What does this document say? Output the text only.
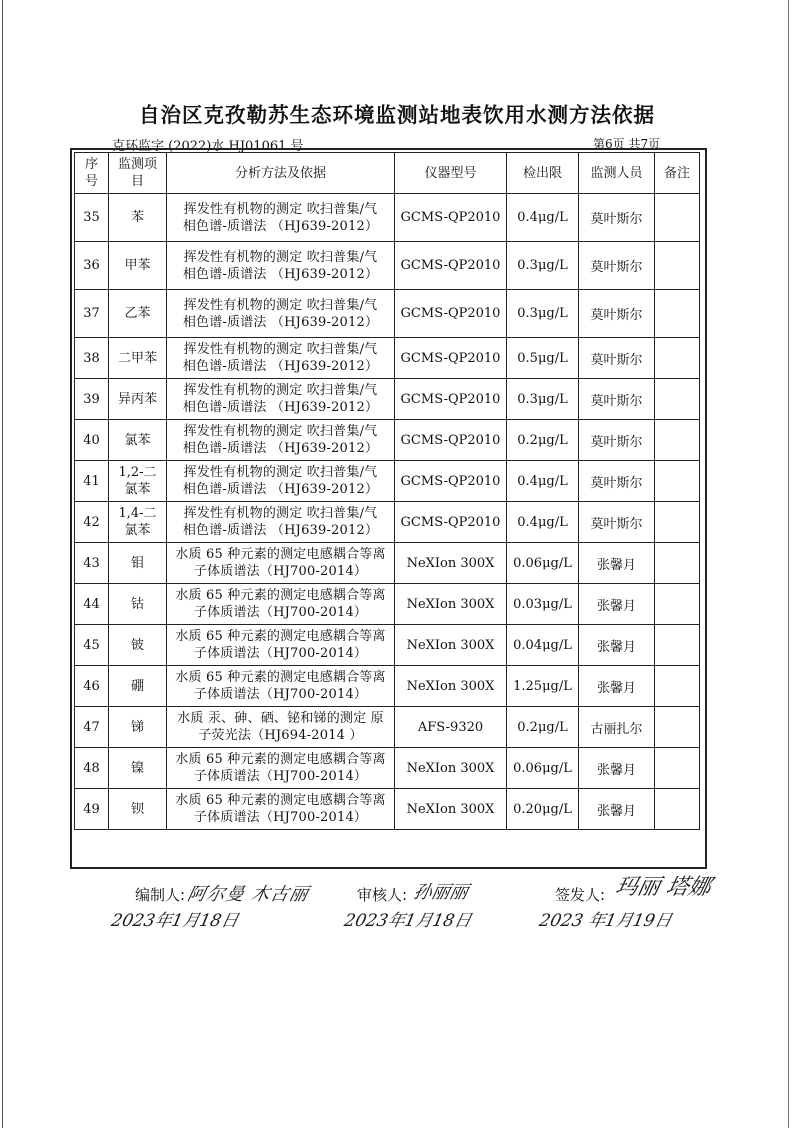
自治区克孜勒苏生态环境监测站地表饮用水测方法依据
克环监字 (2022)水 HJ01061 号	第6页 共7页
序
号	监测项
目	分析方法及依据	仪器型号	检出限	监测人员	备注
35	苯	挥发性有机物的测定 吹扫普集/气
相色谱-质谱法 （HJ639-2012）	GCMS-QP2010	0.4μg/L	莫叶斯尔	
36	甲苯	挥发性有机物的测定 吹扫普集/气
相色谱-质谱法 （HJ639-2012）	GCMS-QP2010	0.3μg/L	莫叶斯尔	
37	乙苯	挥发性有机物的测定 吹扫普集/气
相色谱-质谱法 （HJ639-2012）	GCMS-QP2010	0.3μg/L	莫叶斯尔	
38	二甲苯	挥发性有机物的测定 吹扫普集/气
相色谱-质谱法 （HJ639-2012）	GCMS-QP2010	0.5μg/L	莫叶斯尔	
39	异丙苯	挥发性有机物的测定 吹扫普集/气
相色谱-质谱法 （HJ639-2012）	GCMS-QP2010	0.3μg/L	莫叶斯尔	
40	氯苯	挥发性有机物的测定 吹扫普集/气
相色谱-质谱法 （HJ639-2012）	GCMS-QP2010	0.2μg/L	莫叶斯尔	
41	1,2-二
氯苯	挥发性有机物的测定 吹扫普集/气
相色谱-质谱法 （HJ639-2012）	GCMS-QP2010	0.4μg/L	莫叶斯尔	
42	1,4-二
氯苯	挥发性有机物的测定 吹扫普集/气
相色谱-质谱法 （HJ639-2012）	GCMS-QP2010	0.4μg/L	莫叶斯尔	
43	钼	水质 65 种元素的测定电感耦合等离
子体质谱法（HJ700-2014）	NeXIon 300X	0.06μg/L	张馨月	
44	钴	水质 65 种元素的测定电感耦合等离
子体质谱法（HJ700-2014）	NeXIon 300X	0.03μg/L	张馨月	
45	铍	水质 65 种元素的测定电感耦合等离
子体质谱法（HJ700-2014）	NeXIon 300X	0.04μg/L	张馨月	
46	硼	水质 65 种元素的测定电感耦合等离
子体质谱法（HJ700-2014）	NeXIon 300X	1.25μg/L	张馨月	
47	锑	水质 汞、砷、硒、铋和锑的测定 原
子荧光法（HJ694-2014 ）	AFS-9320	0.2μg/L	古丽扎尔	
48	镍	水质 65 种元素的测定电感耦合等离
子体质谱法（HJ700-2014）	NeXIon 300X	0.06μg/L	张馨月	
49	钡	水质 65 种元素的测定电感耦合等离
子体质谱法（HJ700-2014）	NeXIon 300X	0.20μg/L	张馨月	
编制人: 阿尔曼 木古丽
2023年1月18日
审核人: 孙丽丽
2023年1月18日
签发人: 玛丽 塔娜
2023 年1月19日
